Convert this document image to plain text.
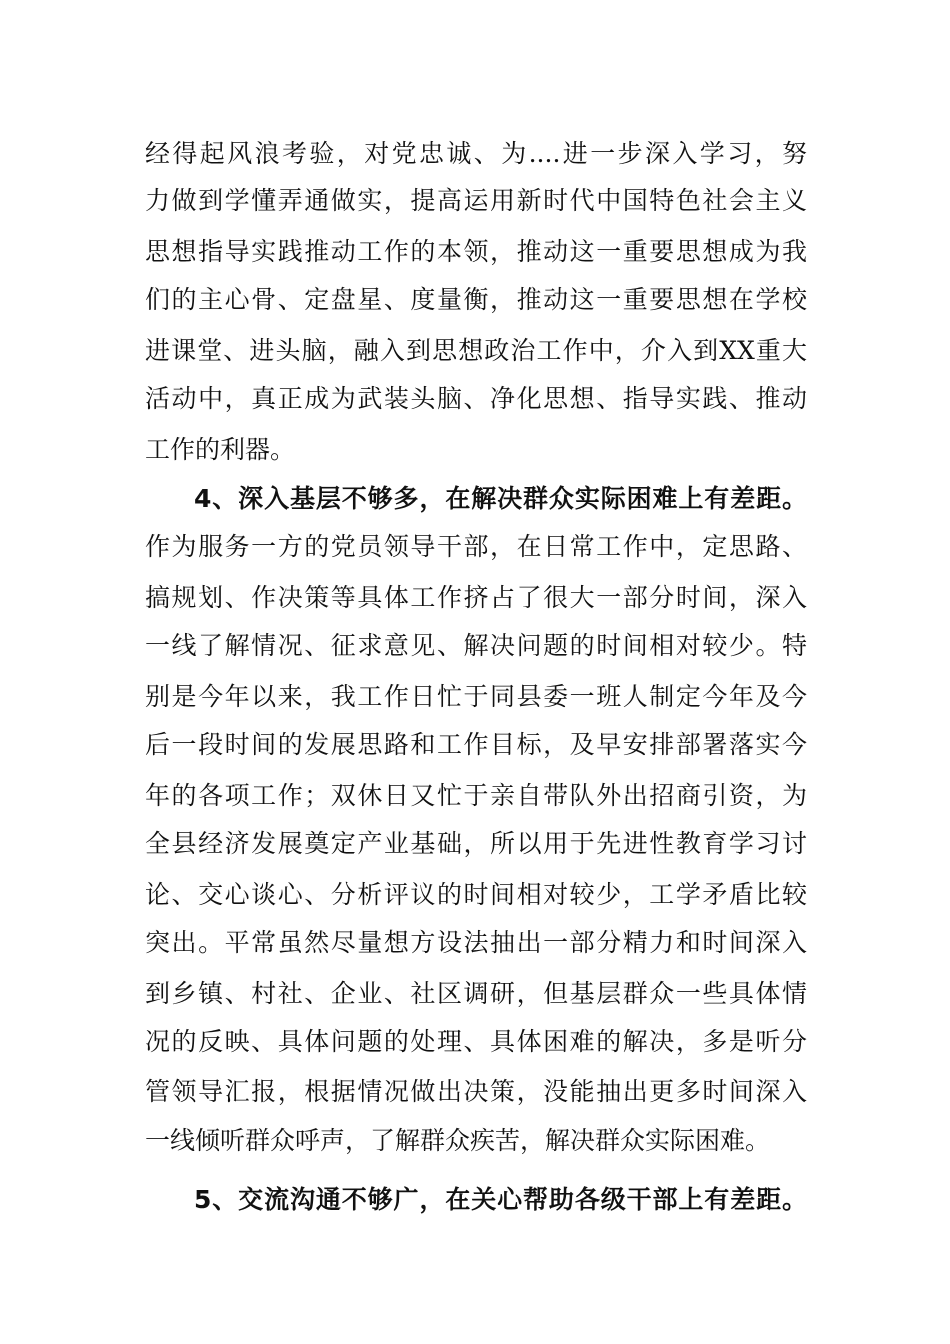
经得起风浪考验，对党忠诚、为....进一步深入学习，努
力做到学懂弄通做实，提高运用新时代中国特色社会主义
思想指导实践推动工作的本领，推动这一重要思想成为我
们的主心骨、定盘星、度量衡，推动这一重要思想在学校
进课堂、进头脑，融入到思想政治工作中，介入到XX重大
活动中，真正成为武装头脑、净化思想、指导实践、推动
工作的利器。
4、深入基层不够多，在解决群众实际困难上有差距。
作为服务一方的党员领导干部，在日常工作中，定思路、
搞规划、作决策等具体工作挤占了很大一部分时间，深入
一线了解情况、征求意见、解决问题的时间相对较少。特
别是今年以来，我工作日忙于同县委一班人制定今年及今
后一段时间的发展思路和工作目标，及早安排部署落实今
年的各项工作；双休日又忙于亲自带队外出招商引资，为
全县经济发展奠定产业基础，所以用于先进性教育学习讨
论、交心谈心、分析评议的时间相对较少，工学矛盾比较
突出。平常虽然尽量想方设法抽出一部分精力和时间深入
到乡镇、村社、企业、社区调研，但基层群众一些具体情
况的反映、具体问题的处理、具体困难的解决，多是听分
管领导汇报，根据情况做出决策，没能抽出更多时间深入
一线倾听群众呼声，了解群众疾苦，解决群众实际困难。
5、交流沟通不够广，在关心帮助各级干部上有差距。
